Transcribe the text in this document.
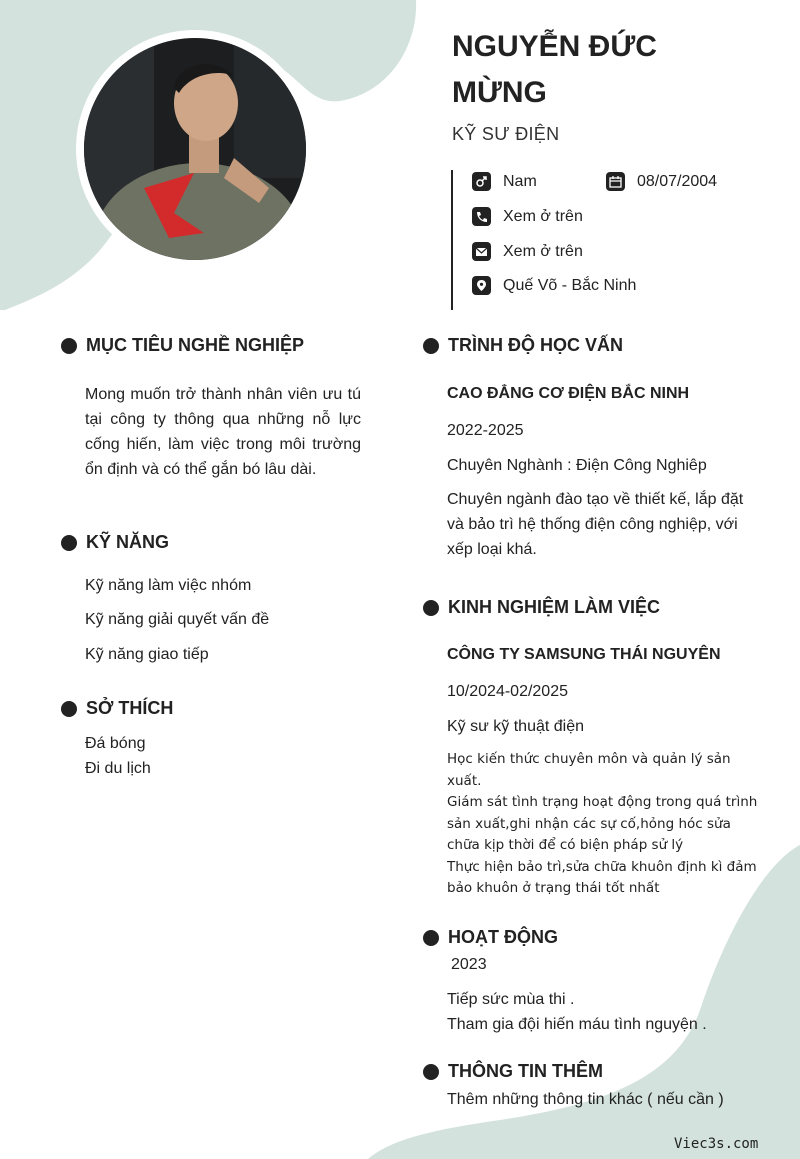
NGUYỄN ĐỨC MỪNG
KỸ SƯ ĐIỆN
Nam	08/07/2004
Xem ở trên
Xem ở trên
Quế Võ - Bắc Ninh
MỤC TIÊU NGHỀ NGHIỆP
Mong muốn trở thành nhân viên ưu tú tại công ty thông qua những nỗ lực cống hiến, làm việc trong môi trường ổn định và có thể gắn bó lâu dài.
KỸ NĂNG
Kỹ năng làm việc nhóm
Kỹ năng giải quyết vấn đề
Kỹ năng giao tiếp
SỞ THÍCH
Đá bóng
Đi du lịch
TRÌNH ĐỘ HỌC VẤN
CAO ĐẲNG CƠ ĐIỆN BẮC NINH
2022-2025
Chuyên Nghành : Điện Công Nghiêp
Chuyên ngành đào tạo về thiết kế, lắp đặt và bảo trì hệ thống điện công nghiệp, với xếp loại khá.
KINH NGHIỆM LÀM VIỆC
CÔNG TY SAMSUNG THÁI NGUYÊN
10/2024-02/2025
Kỹ sư kỹ thuật điện
Học kiến thức chuyên môn và quản lý sản xuất.
Giám sát tình trạng hoạt động trong quá trình sản xuất,ghi nhận các sự cố,hỏng hóc sửa chữa kịp thời để có biện pháp sử lý
Thực hiện bảo trì,sửa chữa khuôn định kì đảm bảo khuôn ở trạng thái tốt nhất
HOẠT ĐỘNG
2023
Tiếp sức mùa thi .
Tham gia đội hiến máu tình nguyện .
THÔNG TIN THÊM
Thêm những thông tin khác ( nếu cần )
Viec3s.com
